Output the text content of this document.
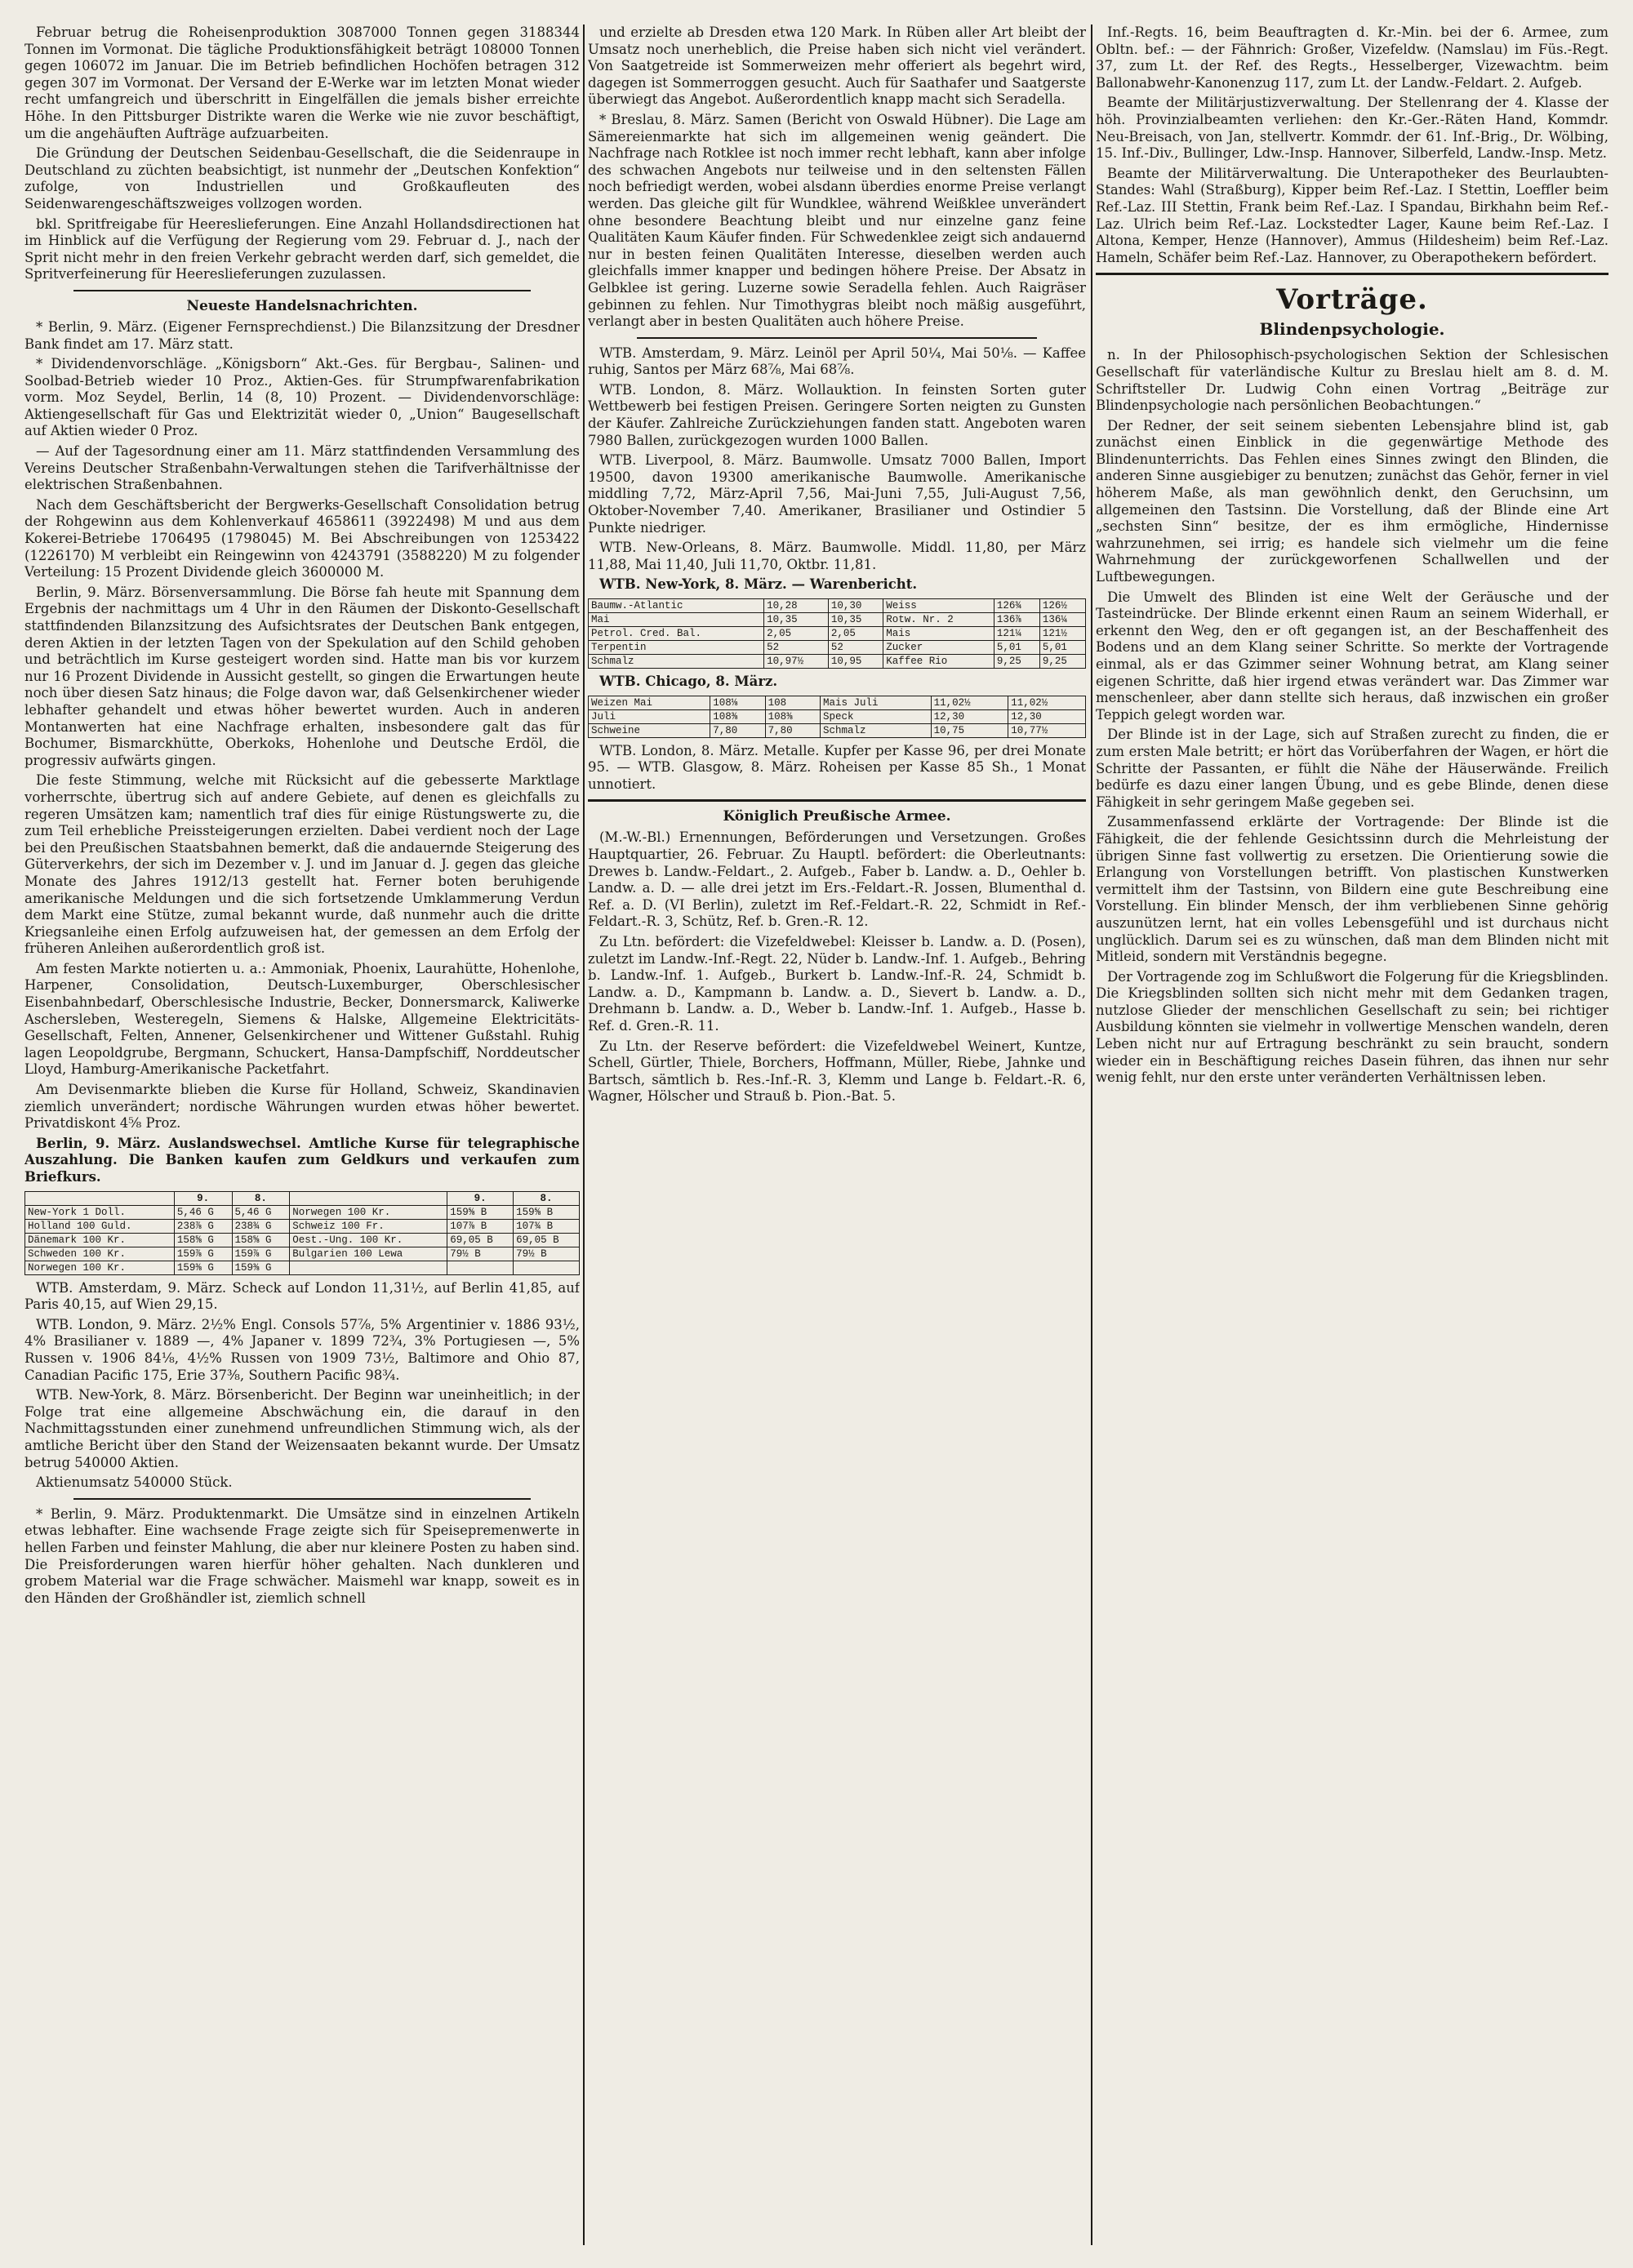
Februar betrug die Roheisenproduktion 3087000 Tonnen gegen 3188344 Tonnen im Vormonat. Die tägliche Produktionsfähigkeit beträgt 108000 Tonnen gegen 106072 im Januar. Die im Betrieb befindlichen Hochöfen betragen 312 gegen 307 im Vormonat. Der Versand der E-Werke war im letzten Monat wieder recht umfangreich und überschritt in Eingelfällen die jemals bisher erreichte Höhe. In den Pittsburger Distrikte waren die Werke wie nie zuvor beschäftigt, um die angehäuften Aufträge aufzuarbeiten.

Die Gründung der Deutschen Seidenbau-Gesellschaft, die die Seidenraupe in Deutschland zu züchten beabsichtigt, ist nunmehr der „Deutschen Konfektion“ zufolge, von Industriellen und Großkaufleuten des Seidenwarengeschäftszweiges vollzogen worden.

bkl. Spritfreigabe für Heereslieferungen. Eine Anzahl Hollandsdirectionen hat im Hinblick auf die Verfügung der Regierung vom 29. Februar d. J., nach der Sprit nicht mehr in den freien Verkehr gebracht werden darf, sich gemeldet, die Spritverfeinerung für Heereslieferungen zuzulassen.

Neueste Handelsnachrichten.

* Berlin, 9. März. (Eigener Fernsprechdienst.) Die Bilanzsitzung der Dresdner Bank findet am 17. März statt.

* Dividendenvorschläge. „Königsborn“ Akt.-Ges. für Bergbau-, Salinen- und Soolbad-Betrieb wieder 10 Proz., Aktien-Ges. für Strumpfwarenfabrikation vorm. Moz Seydel, Berlin, 14 (8, 10) Prozent. — Dividendenvorschläge: Aktiengesellschaft für Gas und Elektrizität wieder 0, „Union“ Baugesellschaft auf Aktien wieder 0 Proz.

— Auf der Tagesordnung einer am 11. März stattfindenden Versammlung des Vereins Deutscher Straßenbahn-Verwaltungen stehen die Tarifverhältnisse der elektrischen Straßenbahnen.

Nach dem Geschäftsbericht der Bergwerks-Gesellschaft Consolidation betrug der Rohgewinn aus dem Kohlenverkauf 4658611 (3922498) M und aus dem Kokerei-Betriebe 1706495 (1798045) M. Bei Abschreibungen von 1253422 (1226170) M verbleibt ein Reingewinn von 4243791 (3588220) M zu folgender Verteilung: 15 Prozent Dividende gleich 3600000 M.

Berlin, 9. März. Börsenversammlung. Die Börse fah heute mit Spannung dem Ergebnis der nachmittags um 4 Uhr in den Räumen der Diskonto-Gesellschaft stattfindenden Bilanzsitzung des Aufsichtsrates der Deutschen Bank entgegen, deren Aktien in der letzten Tagen von der Spekulation auf den Schild gehoben und beträchtlich im Kurse gesteigert worden sind. Hatte man bis vor kurzem nur 16 Prozent Dividende in Aussicht gestellt, so gingen die Erwartungen heute noch über diesen Satz hinaus; die Folge davon war, daß Gelsenkirchener wieder lebhafter gehandelt und etwas höher bewertet wurden. Auch in anderen Montanwerten hat eine Nachfrage erhalten, insbesondere galt das für Bochumer, Bismarckhütte, Oberkoks, Hohenlohe und Deutsche Erdöl, die progressiv aufwärts gingen.

Die feste Stimmung, welche mit Rücksicht auf die gebesserte Marktlage vorherrschte, übertrug sich auf andere Gebiete, auf denen es gleichfalls zu regeren Umsätzen kam; namentlich traf dies für einige Rüstungswerte zu, die zum Teil erhebliche Preissteigerungen erzielten. Dabei verdient noch der Lage bei den Preußischen Staatsbahnen bemerkt, daß die andauernde Steigerung des Güterverkehrs, der sich im Dezember v. J. und im Januar d. J. gegen das gleiche Monate des Jahres 1912/13 gestellt hat. Ferner boten beruhigende amerikanische Meldungen und die sich fortsetzende Umklammerung Verdun dem Markt eine Stütze, zumal bekannt wurde, daß nunmehr auch die dritte Kriegsanleihe einen Erfolg aufzuweisen hat, der gemessen an dem Erfolg der früheren Anleihen außerordentlich groß ist.

Am festen Markte notierten u. a.: Ammoniak, Phoenix, Laurahütte, Hohenlohe, Harpener, Consolidation, Deutsch-Luxemburger, Oberschlesischer Eisenbahnbedarf, Oberschlesische Industrie, Becker, Donnersmarck, Kaliwerke Aschersleben, Westeregeln, Siemens & Halske, Allgemeine Elektricitäts-Gesellschaft, Felten, Annener, Gelsenkirchener und Wittener Gußstahl. Ruhig lagen Leopoldgrube, Bergmann, Schuckert, Hansa-Dampfschiff, Norddeutscher Lloyd, Hamburg-Amerikanische Packetfahrt.

Am Devisenmarkte blieben die Kurse für Holland, Schweiz, Skandinavien ziemlich unverändert; nordische Währungen wurden etwas höher bewertet. Privatdiskont 4⅝ Proz.

Berlin, 9. März. Auslandswechsel. Amtliche Kurse für telegraphische Auszahlung. Die Banken kaufen zum Geldkurs und verkaufen zum Briefkurs.

	9.	8.		9.	8.
New-York 1 Doll.	5,46 G	5,46 G	Norwegen 100 Kr.	159⅝ B	159⅝ B
Holland 100 Guld.	238⅞ G	238¾ G	Schweiz 100 Fr.	107⅞ B	107¾ B
Dänemark 100 Kr.	158⅝ G	158⅝ G	Oest.-Ung. 100 Kr.	69,05 B	69,05 B
Schweden 100 Kr.	159⅞ G	159⅞ G	Bulgarien 100 Lewa	79½ B	79½ B
Norwegen 100 Kr.	159⅜ G	159⅜ G			

WTB. Amsterdam, 9. März. Scheck auf London 11,31½, auf Berlin 41,85, auf Paris 40,15, auf Wien 29,15.

WTB. London, 9. März. 2½% Engl. Consols 57⅞, 5% Argentinier v. 1886 93½, 4% Brasilianer v. 1889 —, 4% Japaner v. 1899 72¾, 3% Portugiesen —, 5% Russen v. 1906 84⅛, 4½% Russen von 1909 73½, Baltimore and Ohio 87, Canadian Pacific 175, Erie 37⅜, Southern Pacific 98¾.

WTB. New-York, 8. März. Börsenbericht. Der Beginn war uneinheitlich; in der Folge trat eine allgemeine Abschwächung ein, die darauf in den Nachmittagsstunden einer zunehmend unfreundlichen Stimmung wich, als der amtliche Bericht über den Stand der Weizensaaten bekannt wurde. Der Umsatz betrug 540000 Aktien.

Aktienumsatz 540000 Stück.

* Berlin, 9. März. Produktenmarkt. Die Umsätze sind in einzelnen Artikeln etwas lebhafter. Eine wachsende Frage zeigte sich für Speisepremenwerte in hellen Farben und feinster Mahlung, die aber nur kleinere Posten zu haben sind. Die Preisforderungen waren hierfür höher gehalten. Nach dunkleren und grobem Material war die Frage schwächer. Maismehl war knapp, soweit es in den Händen der Großhändler ist, ziemlich schnell

und erzielte ab Dresden etwa 120 Mark. In Rüben aller Art bleibt der Umsatz noch unerheblich, die Preise haben sich nicht viel verändert. Von Saatgetreide ist Sommerweizen mehr offeriert als begehrt wird, dagegen ist Sommerroggen gesucht. Auch für Saathafer und Saatgerste überwiegt das Angebot. Außerordentlich knapp macht sich Seradella.

* Breslau, 8. März. Samen (Bericht von Oswald Hübner). Die Lage am Sämereienmarkte hat sich im allgemeinen wenig geändert. Die Nachfrage nach Rotklee ist noch immer recht lebhaft, kann aber infolge des schwachen Angebots nur teilweise und in den seltensten Fällen noch befriedigt werden, wobei alsdann überdies enorme Preise verlangt werden. Das gleiche gilt für Wundklee, während Weißklee unverändert ohne besondere Beachtung bleibt und nur einzelne ganz feine Qualitäten Kaum Käufer finden. Für Schwedenklee zeigt sich andauernd nur in besten feinen Qualitäten Interesse, dieselben werden auch gleichfalls immer knapper und bedingen höhere Preise. Der Absatz in Gelbklee ist gering. Luzerne sowie Seradella fehlen. Auch Raigräser gebinnen zu fehlen. Nur Timothygras bleibt noch mäßig ausgeführt, verlangt aber in besten Qualitäten auch höhere Preise.

WTB. Amsterdam, 9. März. Leinöl per April 50¼, Mai 50⅛. — Kaffee ruhig, Santos per März 68⅞, Mai 68⅞.

WTB. London, 8. März. Wollauktion. In feinsten Sorten guter Wettbewerb bei festigen Preisen. Geringere Sorten neigten zu Gunsten der Käufer. Zahlreiche Zurückziehungen fanden statt. Angeboten waren 7980 Ballen, zurückgezogen wurden 1000 Ballen.

WTB. Liverpool, 8. März. Baumwolle. Umsatz 7000 Ballen, Import 19500, davon 19300 amerikanische Baumwolle. Amerikanische middling 7,72, März-April 7,56, Mai-Juni 7,55, Juli-August 7,56, Oktober-November 7,40. Amerikaner, Brasilianer und Ostindier 5 Punkte niedriger.

WTB. New-Orleans, 8. März. Baumwolle. Middl. 11,80, per März 11,88, Mai 11,40, Juli 11,70, Oktbr. 11,81.

WTB. New-York, 8. März. — Warenbericht.

Baumw.-Atlantic	10,28	10,30	Weiss	126¾	126½
Mai	10,35	10,35	Rotw. Nr. 2	136⅞	136¼
Petrol. Cred. Bal.	2,05	2,05	Mais	121¼	121½
Terpentin	52	52	Zucker	5,01	5,01
Schmalz	10,97½	10,95	Kaffee Rio	9,25	9,25

WTB. Chicago, 8. März.

Weizen Mai	108⅛	108	Mais Juli	11,02½	11,02½
Juli	108⅜	108⅜	Speck	12,30	12,30
Schweine	7,80	7,80	Schmalz	10,75	10,77½

WTB. London, 8. März. Metalle. Kupfer per Kasse 96, per drei Monate 95. — WTB. Glasgow, 8. März. Roheisen per Kasse 85 Sh., 1 Monat unnotiert.

Königlich Preußische Armee.

(M.-W.-Bl.) Ernennungen, Beförderungen und Versetzungen. Großes Hauptquartier, 26. Februar. Zu Hauptl. befördert: die Oberleutnants: Drewes b. Landw.-Feldart., 2. Aufgeb., Faber b. Landw. a. D., Oehler b. Landw. a. D. — alle drei jetzt im Ers.-Feldart.-R. Jossen, Blumenthal d. Ref. a. D. (VI Berlin), zuletzt im Ref.-Feldart.-R. 22, Schmidt in Ref.-Feldart.-R. 3, Schütz, Ref. b. Gren.-R. 12.

Zu Ltn. befördert: die Vizefeldwebel: Kleisser b. Landw. a. D. (Posen), zuletzt im Landw.-Inf.-Regt. 22, Nüder b. Landw.-Inf. 1. Aufgeb., Behring b. Landw.-Inf. 1. Aufgeb., Burkert b. Landw.-Inf.-R. 24, Schmidt b. Landw. a. D., Kampmann b. Landw. a. D., Sievert b. Landw. a. D., Drehmann b. Landw. a. D., Weber b. Landw.-Inf. 1. Aufgeb., Hasse b. Ref. d. Gren.-R. 11.

Zu Ltn. der Reserve befördert: die Vizefeldwebel Weinert, Kuntze, Schell, Gürtler, Thiele, Borchers, Hoffmann, Müller, Riebe, Jahnke und Bartsch, sämtlich b. Res.-Inf.-R. 3, Klemm und Lange b. Feldart.-R. 6, Wagner, Hölscher und Strauß b. Pion.-Bat. 5.

Inf.-Regts. 16, beim Beauftragten d. Kr.-Min. bei der 6. Armee, zum Obltn. bef.: — der Fähnrich: Großer, Vizefeldw. (Namslau) im Füs.-Regt. 37, zum Lt. der Ref. des Regts., Hesselberger, Vizewachtm. beim Ballonabwehr-Kanonenzug 117, zum Lt. der Landw.-Feldart. 2. Aufgeb.

Beamte der Militärjustizverwaltung. Der Stellenrang der 4. Klasse der höh. Provinzialbeamten verliehen: den Kr.-Ger.-Räten Hand, Kommdr. Neu-Breisach, von Jan, stellvertr. Kommdr. der 61. Inf.-Brig., Dr. Wölbing, 15. Inf.-Div., Bullinger, Ldw.-Insp. Hannover, Silberfeld, Landw.-Insp. Metz.

Beamte der Militärverwaltung. Die Unterapotheker des Beurlaubten-Standes: Wahl (Straßburg), Kipper beim Ref.-Laz. I Stettin, Loeffler beim Ref.-Laz. III Stettin, Frank beim Ref.-Laz. I Spandau, Birkhahn beim Ref.-Laz. Ulrich beim Ref.-Laz. Lockstedter Lager, Kaune beim Ref.-Laz. I Altona, Kemper, Henze (Hannover), Ammus (Hildesheim) beim Ref.-Laz. Hameln, Schäfer beim Ref.-Laz. Hannover, zu Oberapothekern befördert.

Vorträge.
Blindenpsychologie.

n. In der Philosophisch-psychologischen Sektion der Schlesischen Gesellschaft für vaterländische Kultur zu Breslau hielt am 8. d. M. Schriftsteller Dr. Ludwig Cohn einen Vortrag „Beiträge zur Blindenpsychologie nach persönlichen Beobachtungen.“

Der Redner, der seit seinem siebenten Lebensjahre blind ist, gab zunächst einen Einblick in die gegenwärtige Methode des Blindenunterrichts. Das Fehlen eines Sinnes zwingt den Blinden, die anderen Sinne ausgiebiger zu benutzen; zunächst das Gehör, ferner in viel höherem Maße, als man gewöhnlich denkt, den Geruchsinn, um allgemeinen den Tastsinn. Die Vorstellung, daß der Blinde eine Art „sechsten Sinn“ besitze, der es ihm ermögliche, Hindernisse wahrzunehmen, sei irrig; es handele sich vielmehr um die feine Wahrnehmung der zurückgeworfenen Schallwellen und der Luftbewegungen.

Die Umwelt des Blinden ist eine Welt der Geräusche und der Tasteindrücke. Der Blinde erkennt einen Raum an seinem Widerhall, er erkennt den Weg, den er oft gegangen ist, an der Beschaffenheit des Bodens und an dem Klang seiner Schritte. So merkte der Vortragende einmal, als er das Gzimmer seiner Wohnung betrat, am Klang seiner eigenen Schritte, daß hier irgend etwas verändert war. Das Zimmer war menschenleer, aber dann stellte sich heraus, daß inzwischen ein großer Teppich gelegt worden war.

Der Blinde ist in der Lage, sich auf Straßen zurecht zu finden, die er zum ersten Male betritt; er hört das Vorüberfahren der Wagen, er hört die Schritte der Passanten, er fühlt die Nähe der Häuserwände. Freilich bedürfe es dazu einer langen Übung, und es gebe Blinde, denen diese Fähigkeit in sehr geringem Maße gegeben sei.

Zusammenfassend erklärte der Vortragende: Der Blinde ist die Fähigkeit, die der fehlende Gesichtssinn durch die Mehrleistung der übrigen Sinne fast vollwertig zu ersetzen. Die Orientierung sowie die Erlangung von Vorstellungen betrifft. Von plastischen Kunstwerken vermittelt ihm der Tastsinn, von Bildern eine gute Beschreibung eine Vorstellung. Ein blinder Mensch, der ihm verbliebenen Sinne gehörig auszunützen lernt, hat ein volles Lebensgefühl und ist durchaus nicht unglücklich. Darum sei es zu wünschen, daß man dem Blinden nicht mit Mitleid, sondern mit Verständnis begegne.

Der Vortragende zog im Schlußwort die Folgerung für die Kriegsblinden. Die Kriegsblinden sollten sich nicht mehr mit dem Gedanken tragen, nutzlose Glieder der menschlichen Gesellschaft zu sein; bei richtiger Ausbildung könnten sie vielmehr in vollwertige Menschen wandeln, deren Leben nicht nur auf Ertragung beschränkt zu sein braucht, sondern wieder ein in Beschäftigung reiches Dasein führen, das ihnen nur sehr wenig fehlt, nur den erste unter veränderten Verhältnissen leben.
